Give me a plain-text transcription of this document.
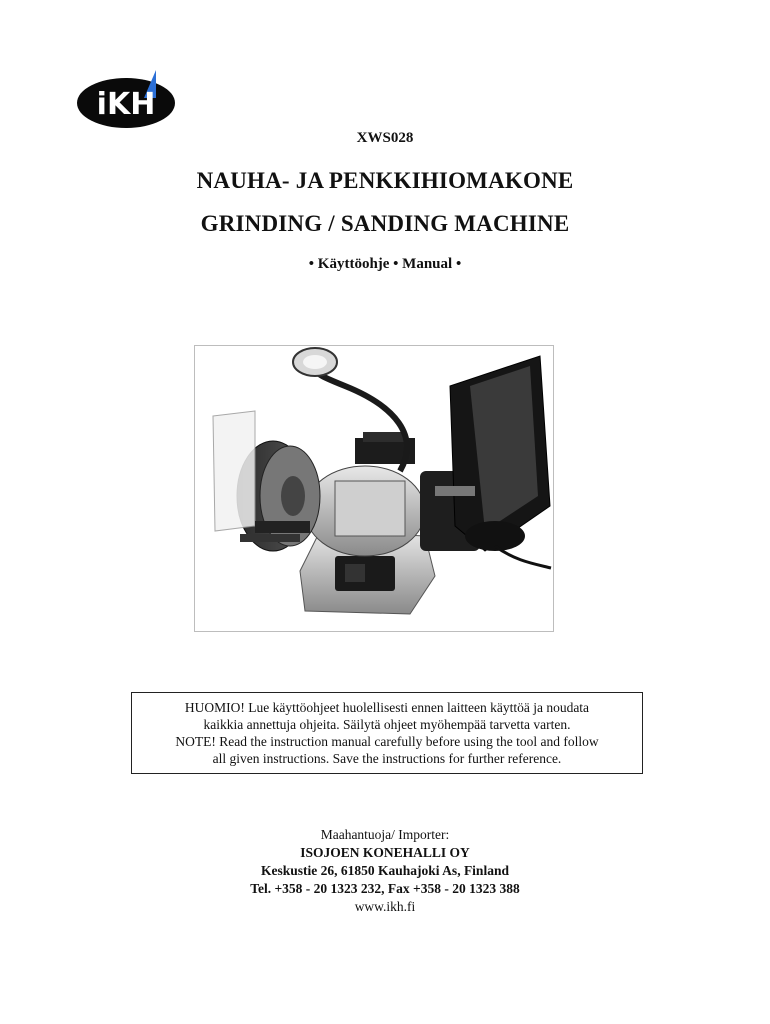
iKH
XWS028
NAUHA- JA PENKKIHIOMAKONE
GRINDING / SANDING MACHINE
• Käyttöohje • Manual •

HUOMIO! Lue käyttöohjeet huolellisesti ennen laitteen käyttöä ja noudata

kaikkia annettuja ohjeita. Säilytä ohjeet myöhempää tarvetta varten.

NOTE! Read the instruction manual carefully before using the tool and follow

all given instructions. Save the instructions for further reference.

Maahantuoja/ Importer:

ISOJOEN KONEHALLI OY

Keskustie 26, 61850 Kauhajoki As, Finland

Tel. +358 - 20 1323 232, Fax +358 - 20 1323 388

www.ikh.fi
